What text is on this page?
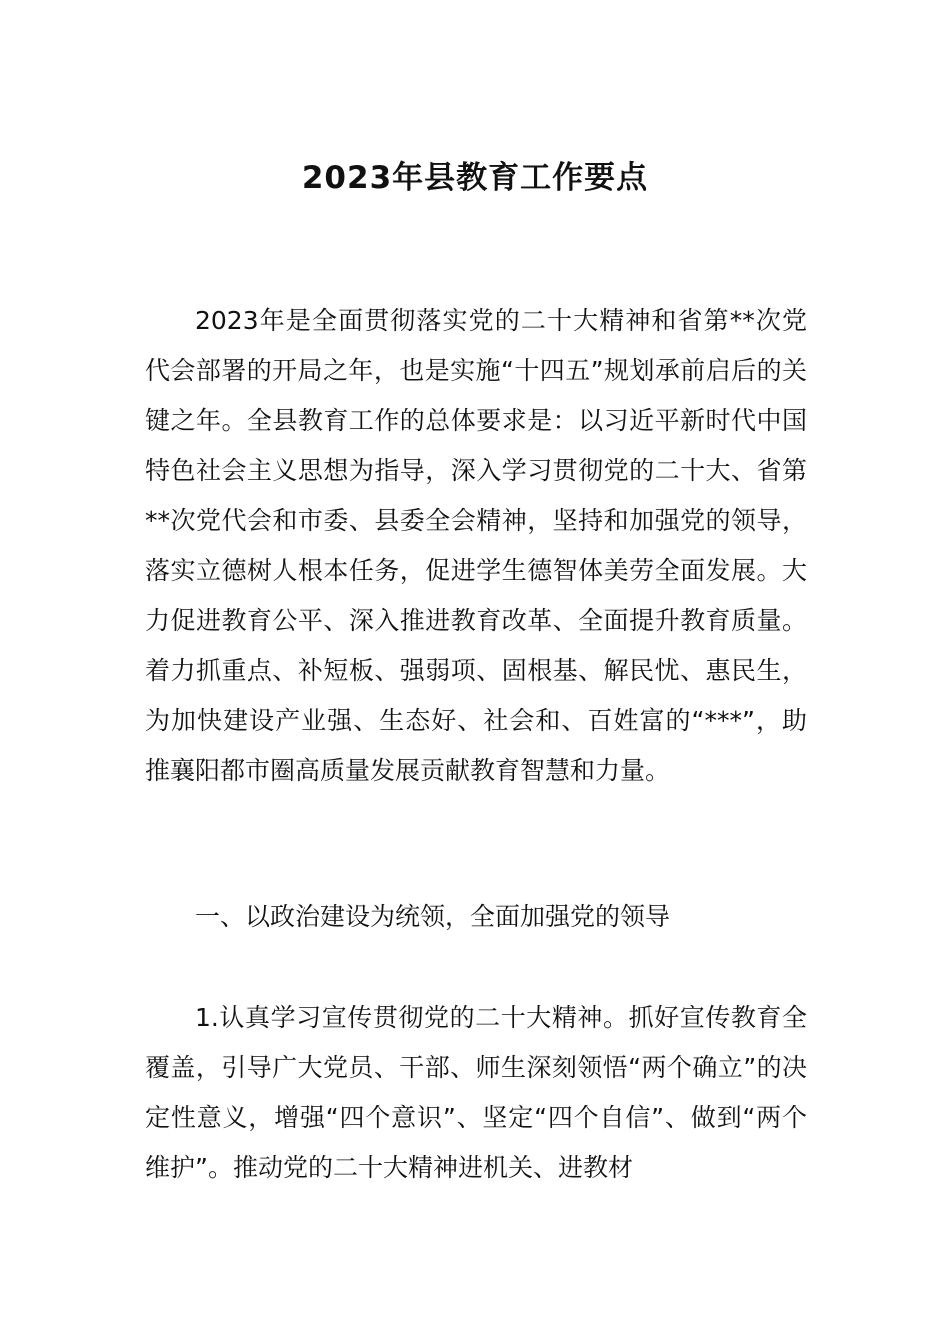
2023年县教育工作要点

2023年是全面贯彻落实党的二十大精神和省第**次党代会部署的开局之年，也是实施“十四五”规划承前启后的关键之年。全县教育工作的总体要求是：以习近平新时代中国特色社会主义思想为指导，深入学习贯彻党的二十大、省第**次党代会和市委、县委全会精神，坚持和加强党的领导，落实立德树人根本任务，促进学生德智体美劳全面发展。大力促进教育公平、深入推进教育改革、全面提升教育质量。着力抓重点、补短板、强弱项、固根基、解民忧、惠民生，为加快建设产业强、生态好、社会和、百姓富的“***”，助推襄阳都市圈高质量发展贡献教育智慧和力量。

一、以政治建设为统领，全面加强党的领导

1.认真学习宣传贯彻党的二十大精神。抓好宣传教育全覆盖，引导广大党员、干部、师生深刻领悟“两个确立”的决定性意义，增强“四个意识”、坚定“四个自信”、做到“两个维护”。推动党的二十大精神进机关、进教材
